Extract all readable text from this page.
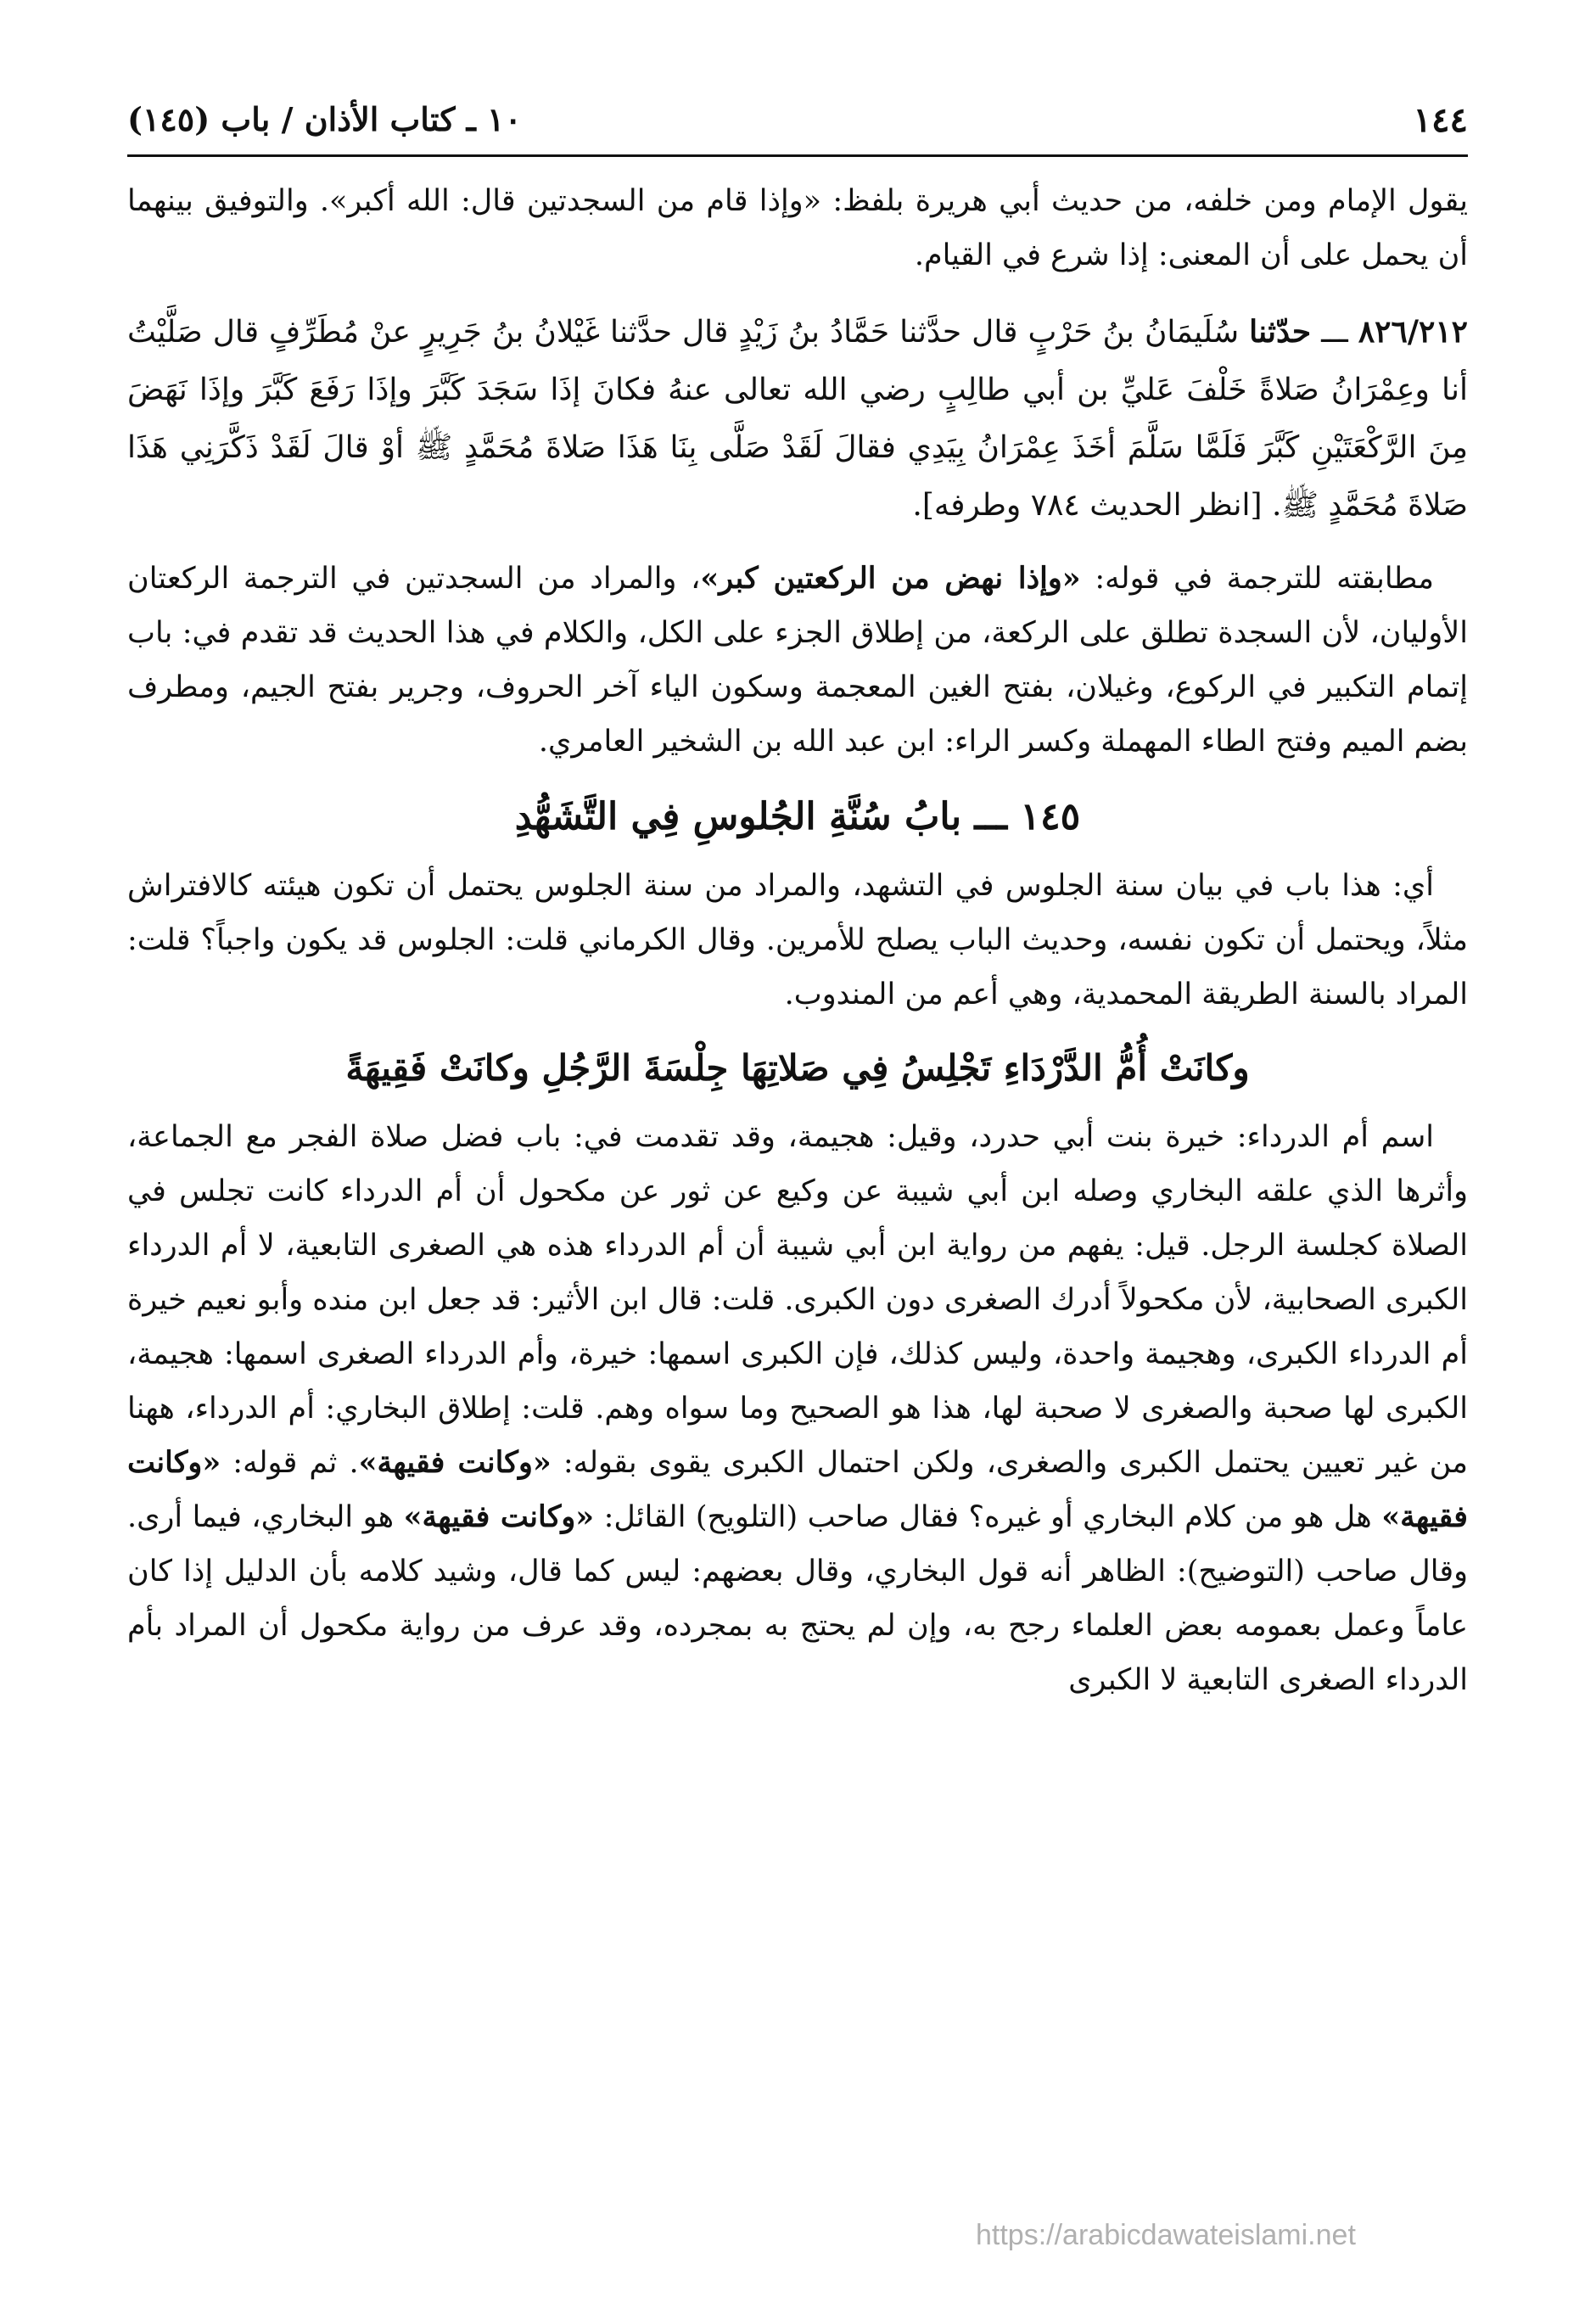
١٤٤
١٠ ـ كتاب الأذان / باب (١٤٥)

يقول الإمام ومن خلفه، من حديث أبي هريرة بلفظ: «وإذا قام من السجدتين قال: الله أكبر». والتوفيق بينهما أن يحمل على أن المعنى: إذا شرع في القيام.

٨٢٦/٢١٢ ـــ حدّثنا سُلَيمَانُ بنُ حَرْبٍ قال حدَّثنا حَمَّادُ بنُ زَيْدٍ قال حدَّثنا غَيْلانُ بنُ جَرِيرٍ عنْ مُطَرِّفٍ قال صَلَّيْتُ أنا وعِمْرَانُ صَلاةً خَلْفَ عَليِّ بن أبي طالِبٍ رضي الله تعالى عنهُ فكانَ إذَا سَجَدَ كَبَّرَ وإذَا رَفَعَ كَبَّرَ وإذَا نَهَضَ مِنَ الرَّكْعَتَيْنِ كَبَّرَ فَلَمَّا سَلَّمَ أخَذَ عِمْرَانُ بِيَدِي فقالَ لَقَدْ صَلَّى بِنَا هَذَا صَلاةَ مُحَمَّدٍ ﷺ أوْ قالَ لَقَدْ ذَكَّرَنِي هَذَا صَلاةَ مُحَمَّدٍ ﷺ. [انظر الحديث ٧٨٤ وطرفه].

مطابقته للترجمة في قوله: «وإذا نهض من الركعتين كبر»، والمراد من السجدتين في الترجمة الركعتان الأوليان، لأن السجدة تطلق على الركعة، من إطلاق الجزء على الكل، والكلام في هذا الحديث قد تقدم في: باب إتمام التكبير في الركوع، وغيلان، بفتح الغين المعجمة وسكون الياء آخر الحروف، وجرير بفتح الجيم، ومطرف بضم الميم وفتح الطاء المهملة وكسر الراء: ابن عبد الله بن الشخير العامري.

١٤٥ ـــ بابُ سُنَّةِ الجُلوسِ فِي التَّشَهُّدِ

أي: هذا باب في بيان سنة الجلوس في التشهد، والمراد من سنة الجلوس يحتمل أن تكون هيئته كالافتراش مثلاً، ويحتمل أن تكون نفسه، وحديث الباب يصلح للأمرين. وقال الكرماني قلت: الجلوس قد يكون واجباً؟ قلت: المراد بالسنة الطريقة المحمدية، وهي أعم من المندوب.

وكانَتْ أُمُّ الدَّرْدَاءِ تَجْلِسُ فِي صَلاتِهَا جِلْسَةَ الرَّجُلِ وكانَتْ فَقِيهَةً

اسم أم الدرداء: خيرة بنت أبي حدرد، وقيل: هجيمة، وقد تقدمت في: باب فضل صلاة الفجر مع الجماعة، وأثرها الذي علقه البخاري وصله ابن أبي شيبة عن وكيع عن ثور عن مكحول أن أم الدرداء كانت تجلس في الصلاة كجلسة الرجل. قيل: يفهم من رواية ابن أبي شيبة أن أم الدرداء هذه هي الصغرى التابعية، لا أم الدرداء الكبرى الصحابية، لأن مكحولاً أدرك الصغرى دون الكبرى. قلت: قال ابن الأثير: قد جعل ابن منده وأبو نعيم خيرة أم الدرداء الكبرى، وهجيمة واحدة، وليس كذلك، فإن الكبرى اسمها: خيرة، وأم الدرداء الصغرى اسمها: هجيمة، الكبرى لها صحبة والصغرى لا صحبة لها، هذا هو الصحيح وما سواه وهم. قلت: إطلاق البخاري: أم الدرداء، ههنا من غير تعيين يحتمل الكبرى والصغرى، ولكن احتمال الكبرى يقوى بقوله: «وكانت فقيهة». ثم قوله: «وكانت فقيهة» هل هو من كلام البخاري أو غيره؟ فقال صاحب (التلويح) القائل: «وكانت فقيهة» هو البخاري، فيما أرى. وقال صاحب (التوضيح): الظاهر أنه قول البخاري، وقال بعضهم: ليس كما قال، وشيد كلامه بأن الدليل إذا كان عاماً وعمل بعمومه بعض العلماء رجح به، وإن لم يحتج به بمجرده، وقد عرف من رواية مكحول أن المراد بأم الدرداء الصغرى التابعية لا الكبرى

https://arabicdawateislami.net
